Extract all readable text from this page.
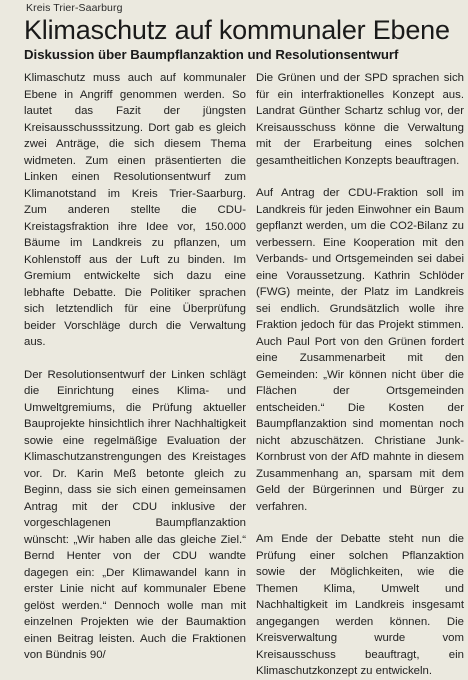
Kreis Trier-Saarburg
Klimaschutz auf kommunaler Ebene
Diskussion über Baumpflanzaktion und Resolutionsentwurf

Klimaschutz muss auch auf kommunaler Ebene in Angriff genommen werden. So lautet das Fazit der jüngsten Kreisausschusssitzung. Dort gab es gleich zwei Anträge, die sich diesem Thema widmeten. Zum einen präsentierten die Linken einen Resolutionsentwurf zum Klimanotstand im Kreis Trier-Saarburg. Zum anderen stellte die CDU-Kreistagsfraktion ihre Idee vor, 150.000 Bäume im Landkreis zu pflanzen, um Kohlenstoff aus der Luft zu binden. Im Gremium entwickelte sich dazu eine lebhafte Debatte. Die Politiker sprachen sich letztendlich für eine Überprüfung beider Vorschläge durch die Verwaltung aus.

Der Resolutionsentwurf der Linken schlägt die Einrichtung eines Klima- und Umweltgremiums, die Prüfung aktueller Bauprojekte hinsichtlich ihrer Nachhaltigkeit sowie eine regelmäßige Evaluation der Klimaschutzanstrengungen des Kreistages vor. Dr. Karin Meß betonte gleich zu Beginn, dass sie sich einen gemeinsamen Antrag mit der CDU inklusive der vorgeschlagenen Baumpflanzaktion wünscht: „Wir haben alle das gleiche Ziel.“ Bernd Henter von der CDU wandte dagegen ein: „Der Klimawandel kann in erster Linie nicht auf kommunaler Ebene gelöst werden.“ Dennoch wolle man mit einzelnen Projekten wie der Baumaktion einen Beitrag leisten. Auch die Fraktionen von Bündnis 90/

Die Grünen und der SPD sprachen sich für ein interfraktionelles Konzept aus. Landrat Günther Schartz schlug vor, der Kreisausschuss könne die Verwaltung mit der Erarbeitung eines solchen gesamtheitlichen Konzepts beauftragen.

Auf Antrag der CDU-Fraktion soll im Landkreis für jeden Einwohner ein Baum gepflanzt werden, um die CO2-Bilanz zu verbessern. Eine Kooperation mit den Verbands- und Ortsgemeinden sei dabei eine Voraussetzung. Kathrin Schlöder (FWG) meinte, der Platz im Landkreis sei endlich. Grundsätzlich wolle ihre Fraktion jedoch für das Projekt stimmen. Auch Paul Port von den Grünen fordert eine Zusammenarbeit mit den Gemeinden: „Wir können nicht über die Flächen der Ortsgemeinden entscheiden.“ Die Kosten der Baumpflanzaktion sind momentan noch nicht abzuschätzen. Christiane Junk-Kornbrust von der AfD mahnte in diesem Zusammenhang an, sparsam mit dem Geld der Bürgerinnen und Bürger zu verfahren.

Am Ende der Debatte steht nun die Prüfung einer solchen Pflanzaktion sowie der Möglichkeiten, wie die Themen Klima, Umwelt und Nachhaltigkeit im Landkreis insgesamt angegangen werden können. Die Kreisverwaltung wurde vom Kreisausschuss beauftragt, ein Klimaschutzkonzept zu entwickeln.
